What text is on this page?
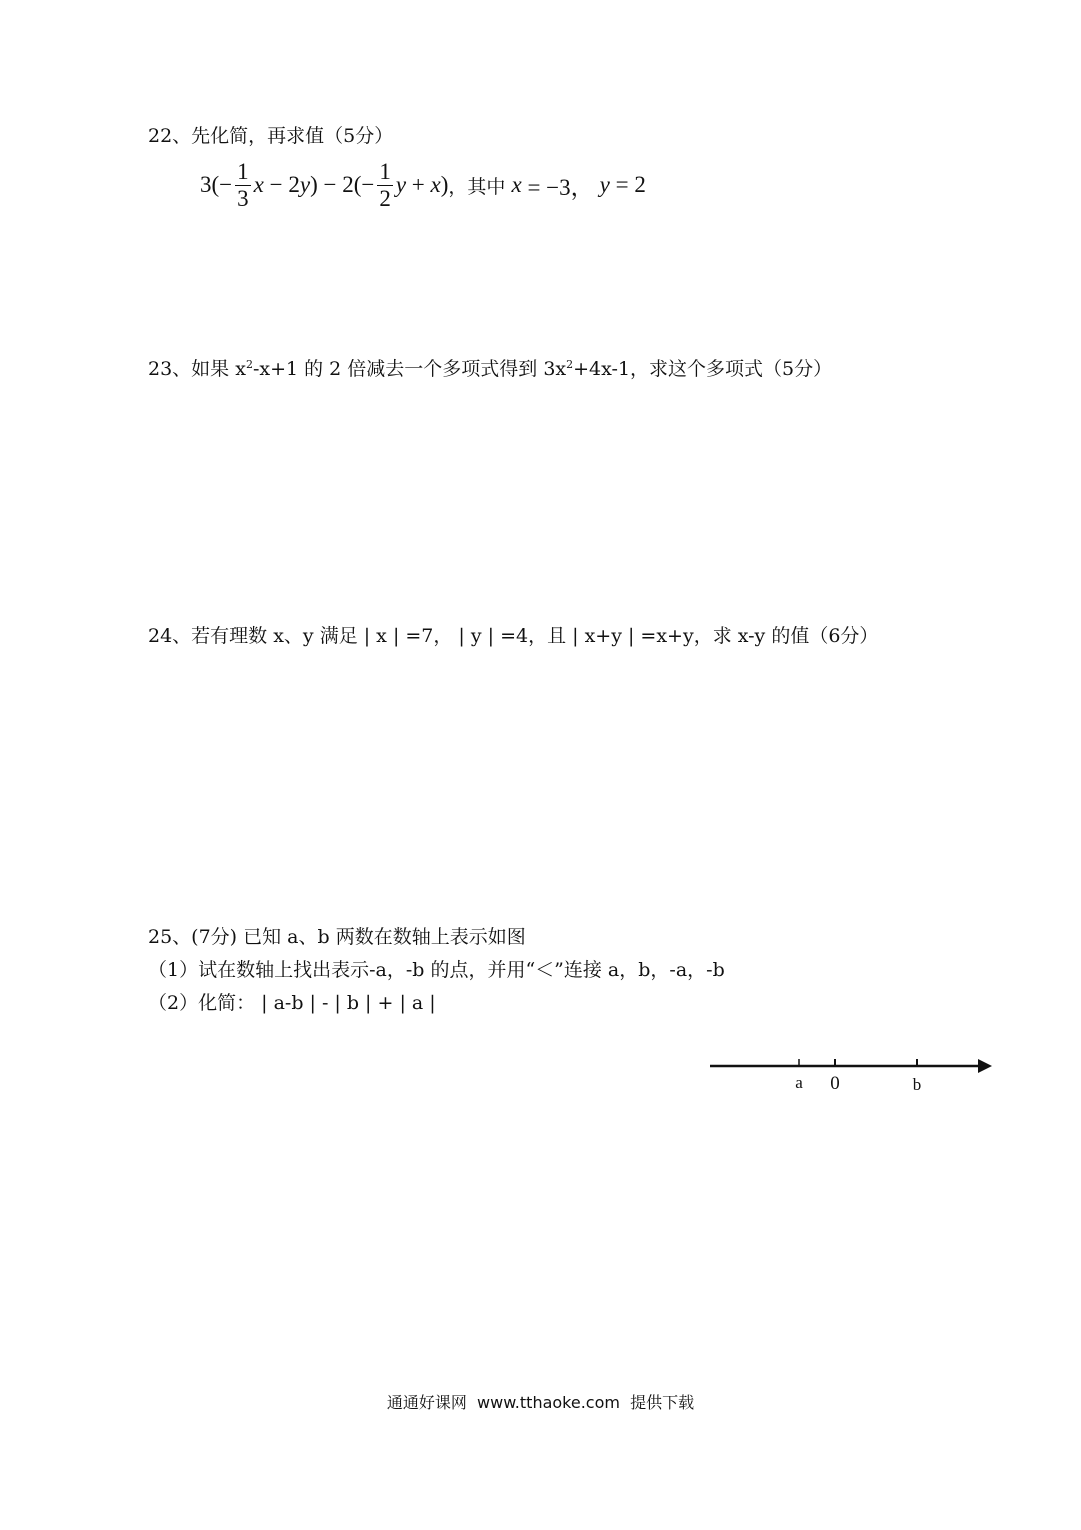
22、先化简，再求值（5分）
$3(- \frac{1}{3}$ x − 2 y ) − $2(- \frac{1}{2}$ y + x ) ，其中 x = −3， y = 2
23、如果 $x^2-x+1$ 的 2 倍减去一个多项式得到 $3x^2+4x-1$，求这个多项式（5分）
24、若有理数 x、y 满足 | x | =7， | y | =4，且 | x+y | =x+y，求 x-y 的值（6分）
25、(7分) 已知 a、b 两数在数轴上表示如图
（1）试在数轴上找出表示-a，-b 的点，并用“＜”连接 a，b，-a，-b
（2）化简： | a-b | - | b | + | a |
a 0	b
通通好课网  www.tthaoke.com  提供下载
